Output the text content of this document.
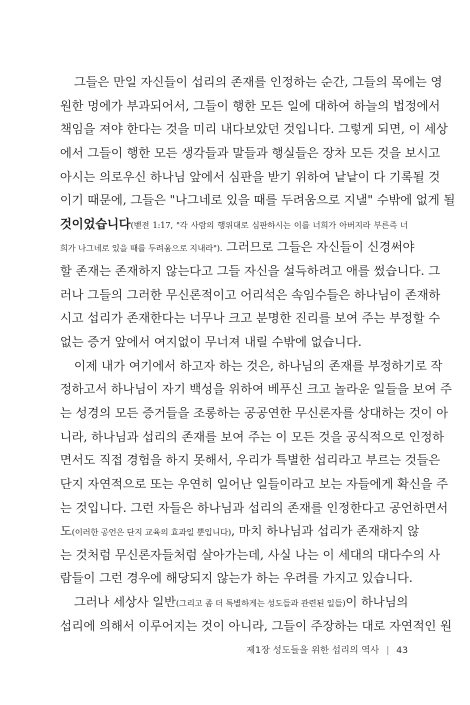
그들은 만일 자신들이 섭리의 존재를 인정하는 순간, 그들의 목에는 영
원한 멍에가 부과되어서, 그들이 행한 모든 일에 대하여 하늘의 법정에서
책임을 져야 한다는 것을 미리 내다보았던 것입니다. 그렇게 되면, 이 세상
에서 그들이 행한 모든 생각들과 말들과 행실들은 장차 모든 것을 보시고
아시는 의로우신 하나님 앞에서 심판을 받기 위하여 낱낱이 다 기록될 것
이기 때문에, 그들은 "나그네로 있을 때를 두려움으로 지낼" 수밖에 없게 될
것이었습니다(벧전 1:17, "각 사람의 행위대로 심판하시는 이를 너희가 아버지라 부른즉 너
희가 나그네로 있을 때를 두려움으로 지내라"). 그러므로 그들은 자신들이 신경써야
할 존재는 존재하지 않는다고 그들 자신을 설득하려고 애를 썼습니다. 그
러나 그들의 그러한 무신론적이고 어리석은 속임수들은 하나님이 존재하
시고 섭리가 존재한다는 너무나 크고 분명한 진리를 보여 주는 부정할 수
없는 증거 앞에서 여지없이 무너져 내릴 수밖에 없습니다.
이제 내가 여기에서 하고자 하는 것은, 하나님의 존재를 부정하기로 작
정하고서 하나님이 자기 백성을 위하여 베푸신 크고 놀라운 일들을 보여 주
는 성경의 모든 증거들을 조롱하는 공공연한 무신론자를 상대하는 것이 아
니라, 하나님과 섭리의 존재를 보여 주는 이 모든 것을 공식적으로 인정하
면서도 직접 경험을 하지 못해서, 우리가 특별한 섭리라고 부르는 것들은
단지 자연적으로 또는 우연히 일어난 일들이라고 보는 자들에게 확신을 주
는 것입니다. 그런 자들은 하나님과 섭리의 존재를 인정한다고 공언하면서
도(이러한 공언은 단지 교육의 효과일 뿐입니다), 마치 하나님과 섭리가 존재하지 않
는 것처럼 무신론자들처럼 살아가는데, 사실 나는 이 세대의 대다수의 사
람들이 그런 경우에 해당되지 않는가 하는 우려를 가지고 있습니다.
그러나 세상사 일반(그리고 좀 더 특별하게는 성도들과 관련된 일들)이 하나님의
섭리에 의해서 이루어지는 것이 아니라, 그들이 주장하는 대로 자연적인 원
제1장 성도들을 위한 섭리의 역사 | 43
